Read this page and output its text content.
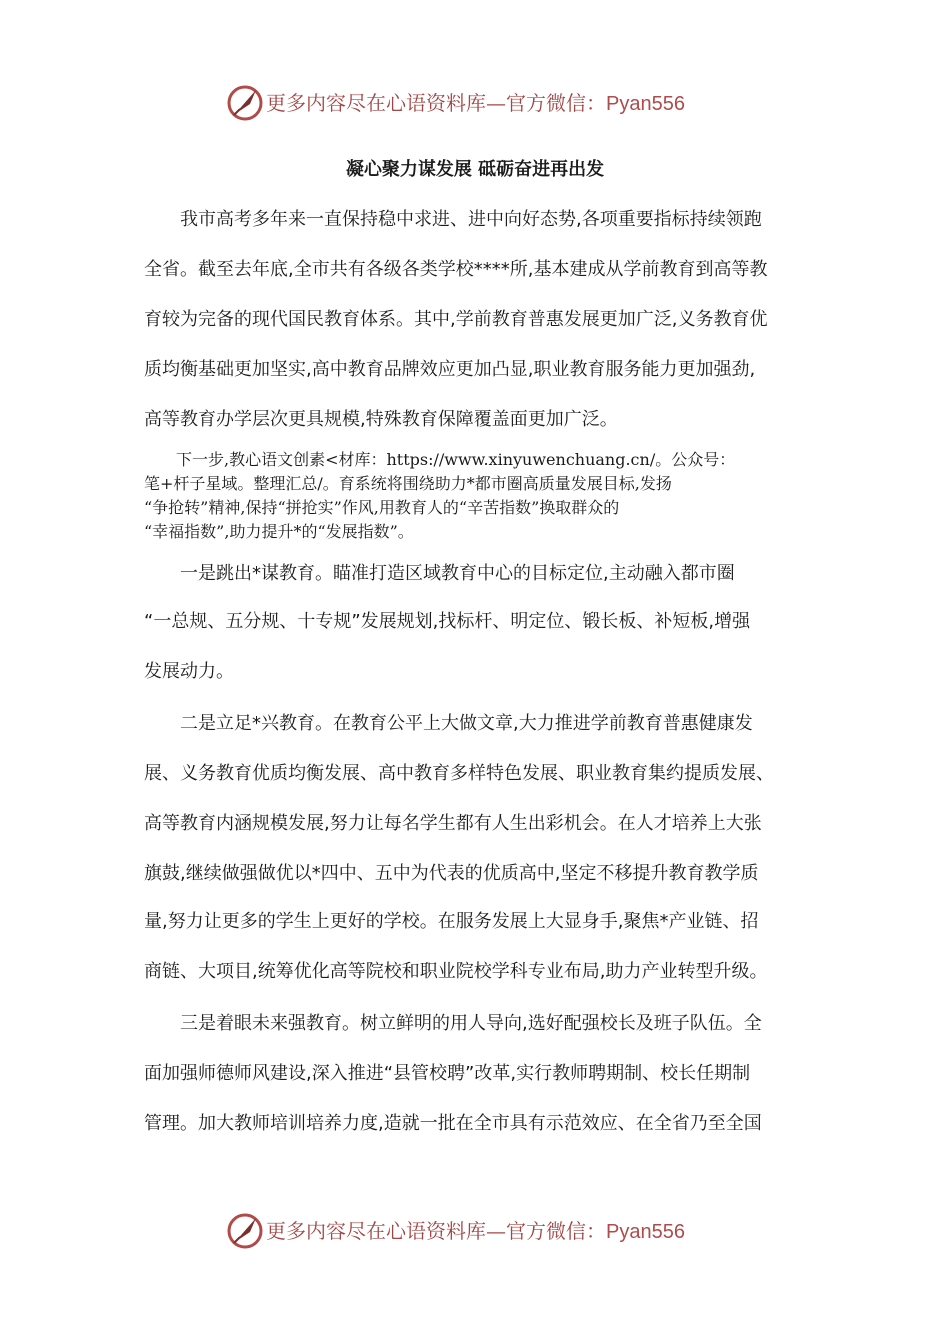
更多内容尽在心语资料库—官方微信：Pyan556
凝心聚力谋发展 砥砺奋进再出发
　　我市高考多年来一直保持稳中求进、进中向好态势,各项重要指标持续领跑
全省。截至去年底,全市共有各级各类学校****所,基本建成从学前教育到高等教
育较为完备的现代国民教育体系。其中,学前教育普惠发展更加广泛,义务教育优
质均衡基础更加坚实,高中教育品牌效应更加凸显,职业教育服务能力更加强劲,
高等教育办学层次更具规模,特殊教育保障覆盖面更加广泛。
　　下一步,教心语文创素<材库：https://www.xinyuwenchuang.cn/。公众号：
笔+杆子星域。整理汇总/。育系统将围绕助力*都市圈高质量发展目标,发扬
“争抢转”精神,保持“拼抢实”作风,用教育人的“辛苦指数”换取群众的
“幸福指数”,助力提升*的“发展指数”。
　　一是跳出*谋教育。瞄准打造区域教育中心的目标定位,主动融入都市圈
“一总规、五分规、十专规”发展规划,找标杆、明定位、锻长板、补短板,增强
发展动力。
　　二是立足*兴教育。在教育公平上大做文章,大力推进学前教育普惠健康发
展、义务教育优质均衡发展、高中教育多样特色发展、职业教育集约提质发展、
高等教育内涵规模发展,努力让每名学生都有人生出彩机会。在人才培养上大张
旗鼓,继续做强做优以*四中、五中为代表的优质高中,坚定不移提升教育教学质
量,努力让更多的学生上更好的学校。在服务发展上大显身手,聚焦*产业链、招
商链、大项目,统筹优化高等院校和职业院校学科专业布局,助力产业转型升级。
　　三是着眼未来强教育。树立鲜明的用人导向,选好配强校长及班子队伍。全
面加强师德师风建设,深入推进“县管校聘”改革,实行教师聘期制、校长任期制
管理。加大教师培训培养力度,造就一批在全市具有示范效应、在全省乃至全国
更多内容尽在心语资料库—官方微信：Pyan556
